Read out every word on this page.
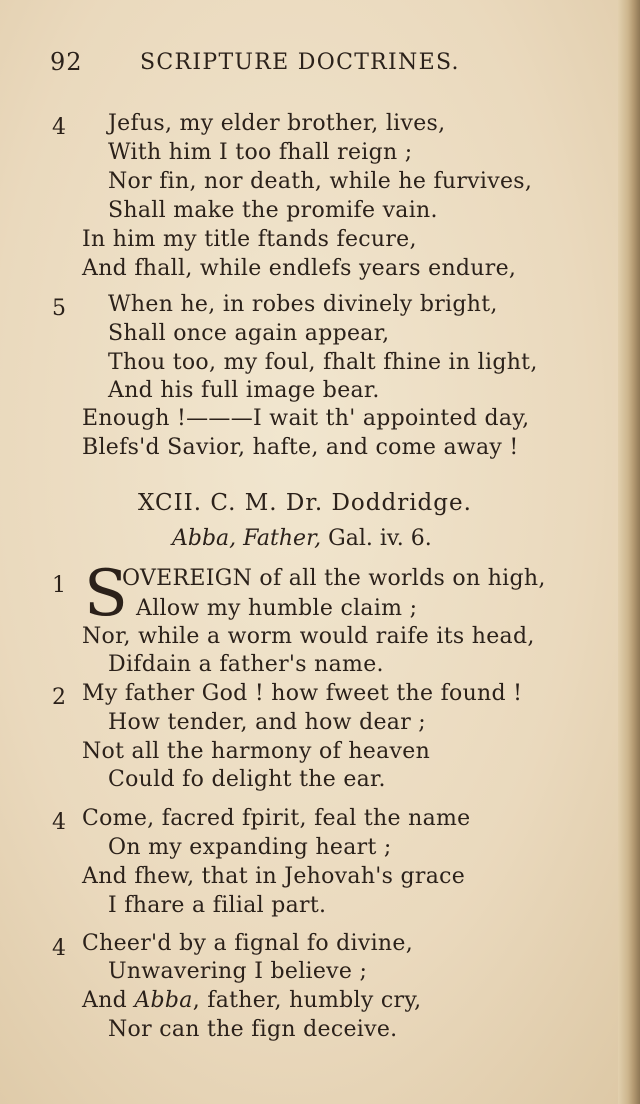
92	SCRIPTURE DOCTRINES.
4 Jefus, my elder brother, lives,
With him I too fhall reign ;
Nor fin, nor death, while he furvives,
Shall make the promife vain.
In him my title ftands fecure,
And fhall, while endlefs years endure,
5 When he, in robes divinely bright,
Shall once again appear,
Thou too, my foul, fhalt fhine in light,
And his full image bear.
Enough !———I wait th' appointed day,
Blefs'd Savior, hafte, and come away !
XCII. C. M. Dr. Doddridge.
Abba, Father, Gal. iv. 6.
1 S
OVEREIGN of all the worlds on high,
Allow my humble claim ;
Nor, while a worm would raife its head,
Difdain a father's name.
2 My father God ! how fweet the found !
How tender, and how dear ;
Not all the harmony of heaven
Could fo delight the ear.
4 Come, facred fpirit, feal the name
On my expanding heart ;
And fhew, that in Jehovah's grace
I fhare a filial part.
4 Cheer'd by a fignal fo divine,
Unwavering I believe ;
And Abba, father, humbly cry,
Nor can the fign deceive.
